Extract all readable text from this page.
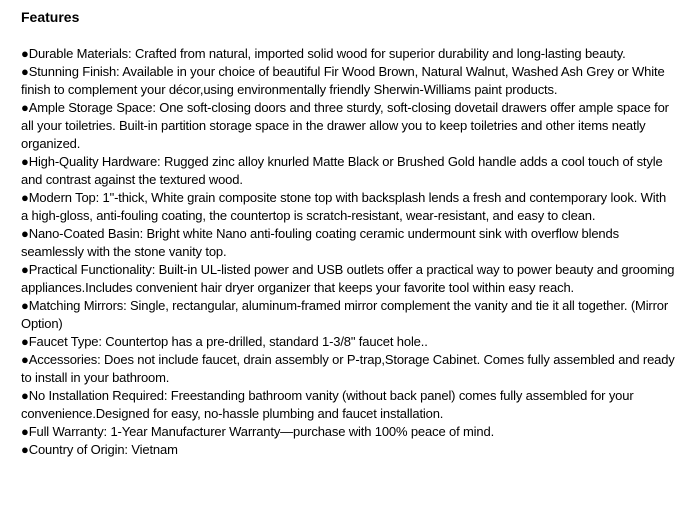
Features
●Durable Materials: Crafted from natural, imported solid wood for superior durability and long-lasting beauty.
●Stunning Finish: Available in your choice of beautiful Fir Wood Brown, Natural Walnut, Washed Ash Grey or White finish to complement your décor,using environmentally friendly Sherwin-Williams paint products.
●Ample Storage Space: One soft-closing doors and three sturdy, soft-closing dovetail drawers offer ample space for all your toiletries. Built-in partition storage space in the drawer allow you to keep toiletries and other items neatly organized.
●High-Quality Hardware: Rugged zinc alloy knurled Matte Black or Brushed Gold handle adds a cool touch of style and contrast against the textured wood.
●Modern Top: 1"-thick, White grain composite stone top with backsplash lends a fresh and contemporary look. With a high-gloss, anti-fouling coating, the countertop is scratch-resistant, wear-resistant, and easy to clean.
●Nano-Coated Basin: Bright white Nano anti-fouling coating ceramic undermount sink with overflow blends seamlessly with the stone vanity top.
●Practical Functionality: Built-in UL-listed power and USB outlets offer a practical way to power beauty and grooming appliances.Includes convenient hair dryer organizer that keeps your favorite tool within easy reach.
●Matching Mirrors: Single, rectangular, aluminum-framed mirror complement the vanity and tie it all together. (Mirror Option)
●Faucet Type: Countertop has a pre-drilled, standard 1-3/8" faucet hole..
●Accessories: Does not include faucet, drain assembly or P-trap,Storage Cabinet. Comes fully assembled and ready to install in your bathroom.
●No Installation Required: Freestanding bathroom vanity (without back panel) comes fully assembled for your convenience.Designed for easy, no-hassle plumbing and faucet installation.
●Full Warranty: 1-Year Manufacturer Warranty—purchase with 100% peace of mind.
●Country of Origin: Vietnam
